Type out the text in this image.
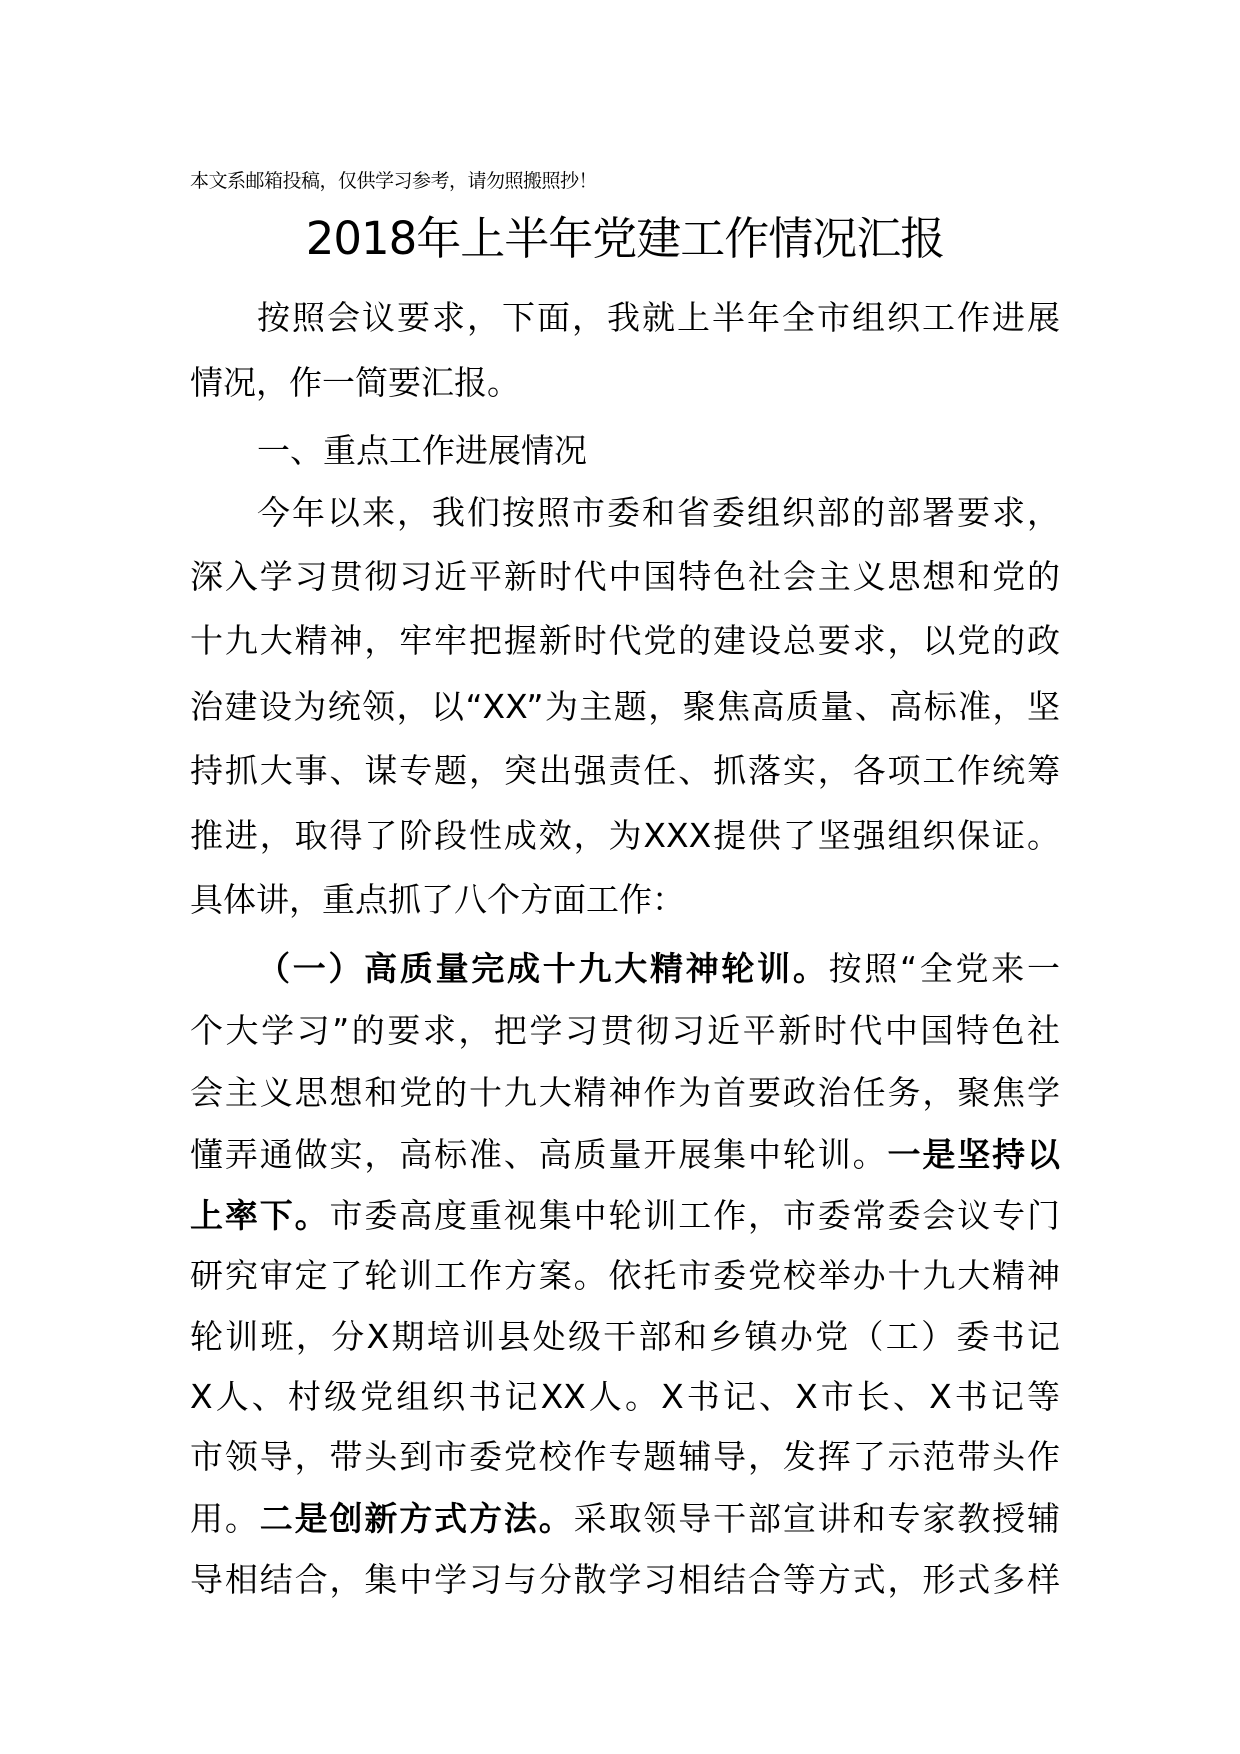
本文系邮箱投稿，仅供学习参考，请勿照搬照抄！
2018年上半年党建工作情况汇报
按照会议要求，下面，我就上半年全市组织工作进展
情况，作一简要汇报。
一、重点工作进展情况
今年以来，我们按照市委和省委组织部的部署要求，
深入学习贯彻习近平新时代中国特色社会主义思想和党的
十九大精神，牢牢把握新时代党的建设总要求，以党的政
治建设为统领，以“XX”为主题，聚焦高质量、高标准，坚
持抓大事、谋专题，突出强责任、抓落实，各项工作统筹
推进，取得了阶段性成效，为XXX提供了坚强组织保证。
具体讲，重点抓了八个方面工作：
（一）高质量完成十九大精神轮训。按照“全党来一
个大学习”的要求，把学习贯彻习近平新时代中国特色社
会主义思想和党的十九大精神作为首要政治任务，聚焦学
懂弄通做实，高标准、高质量开展集中轮训。一是坚持以
上率下。市委高度重视集中轮训工作，市委常委会议专门
研究审定了轮训工作方案。依托市委党校举办十九大精神
轮训班，分X期培训县处级干部和乡镇办党（工）委书记
X人、村级党组织书记XX人。X书记、X市长、X书记等
市领导，带头到市委党校作专题辅导，发挥了示范带头作
用。二是创新方式方法。采取领导干部宣讲和专家教授辅
导相结合，集中学习与分散学习相结合等方式，形式多样
